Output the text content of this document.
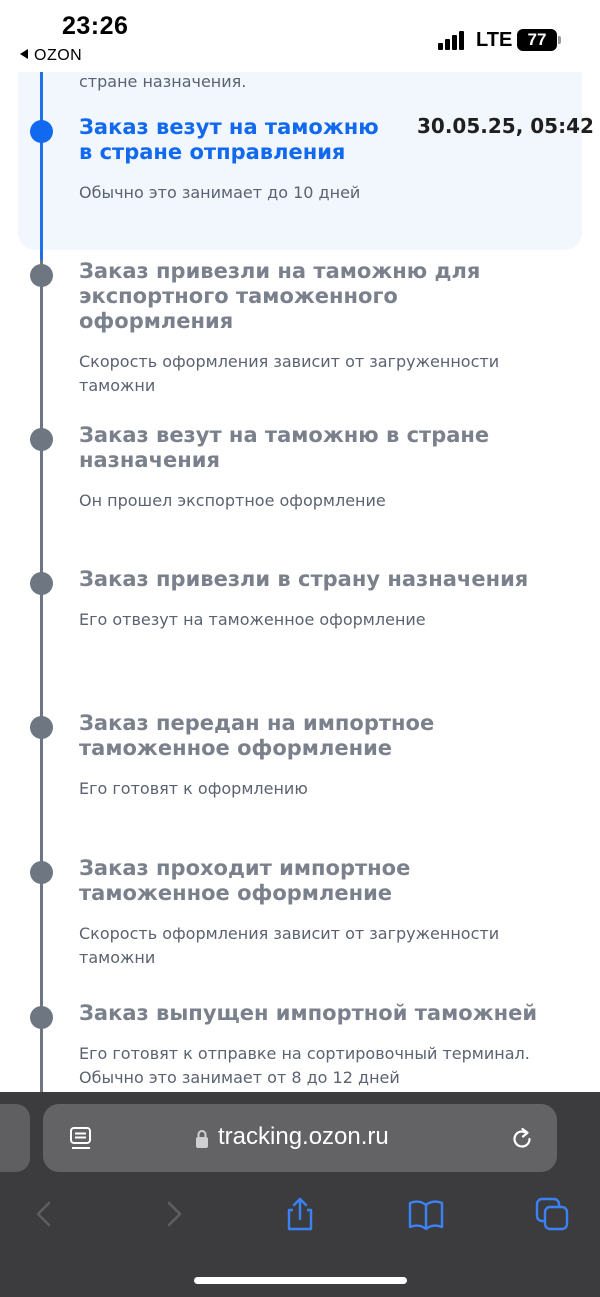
23:26
OZON
LTE 77
стране назначения.
Заказ везут на таможню в стране отправления
Обычно это занимает до 10 дней
30.05.25, 05:42
Заказ привезли на таможню для экспортного таможенного оформления
Скорость оформления зависит от загруженности таможни
Заказ везут на таможню в стране назначения
Он прошел экспортное оформление
Заказ привезли в страну назначения
Его отвезут на таможенное оформление
Заказ передан на импортное таможенное оформление
Его готовят к оформлению
Заказ проходит импортное таможенное оформление
Скорость оформления зависит от загруженности таможни
Заказ выпущен импортной таможней
Его готовят к отправке на сортировочный терминал. Обычно это занимает от 8 до 12 дней
tracking.ozon.ru
